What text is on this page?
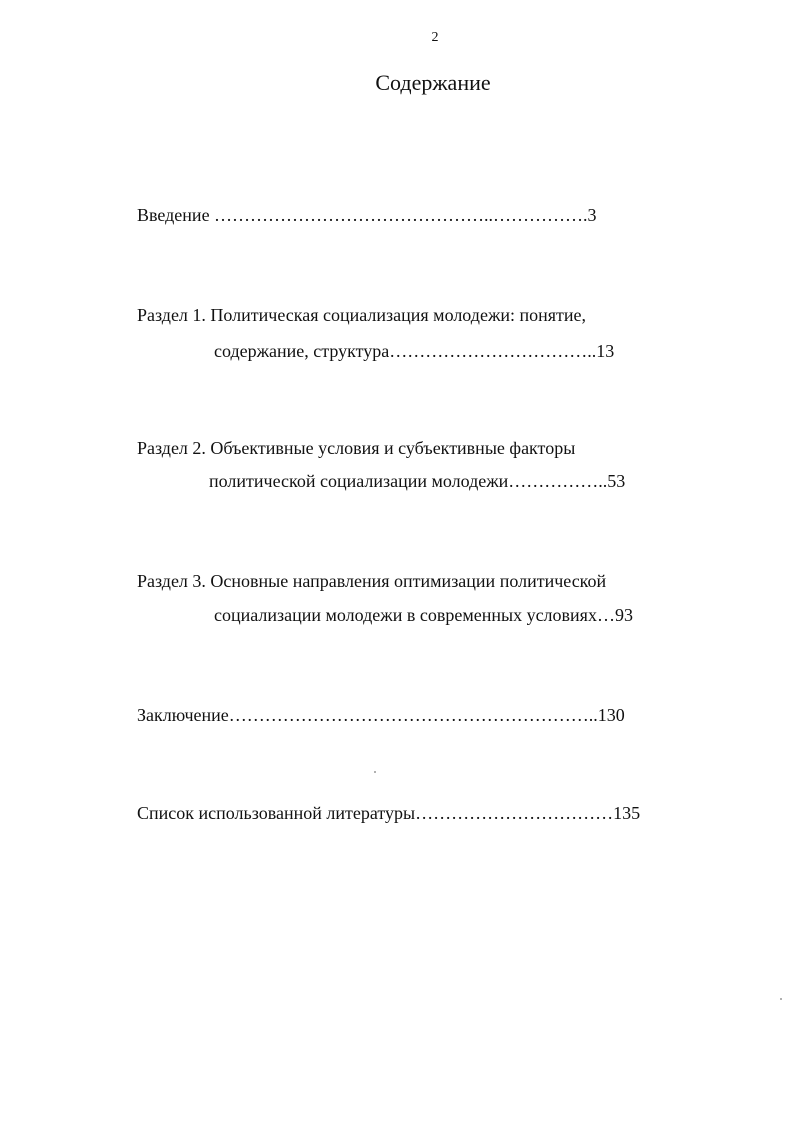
2
Содержание
Введение ………………………………………..…………….3
Раздел 1. Политическая социализация молодежи: понятие,
содержание, структура……………………………..13
Раздел 2. Объективные условия и субъективные факторы
политической социализации молодежи……………..53
Раздел 3. Основные направления оптимизации политической
социализации молодежи в современных условиях…93
Заключение……………………………………………………..130
Список использованной литературы……………………………135
